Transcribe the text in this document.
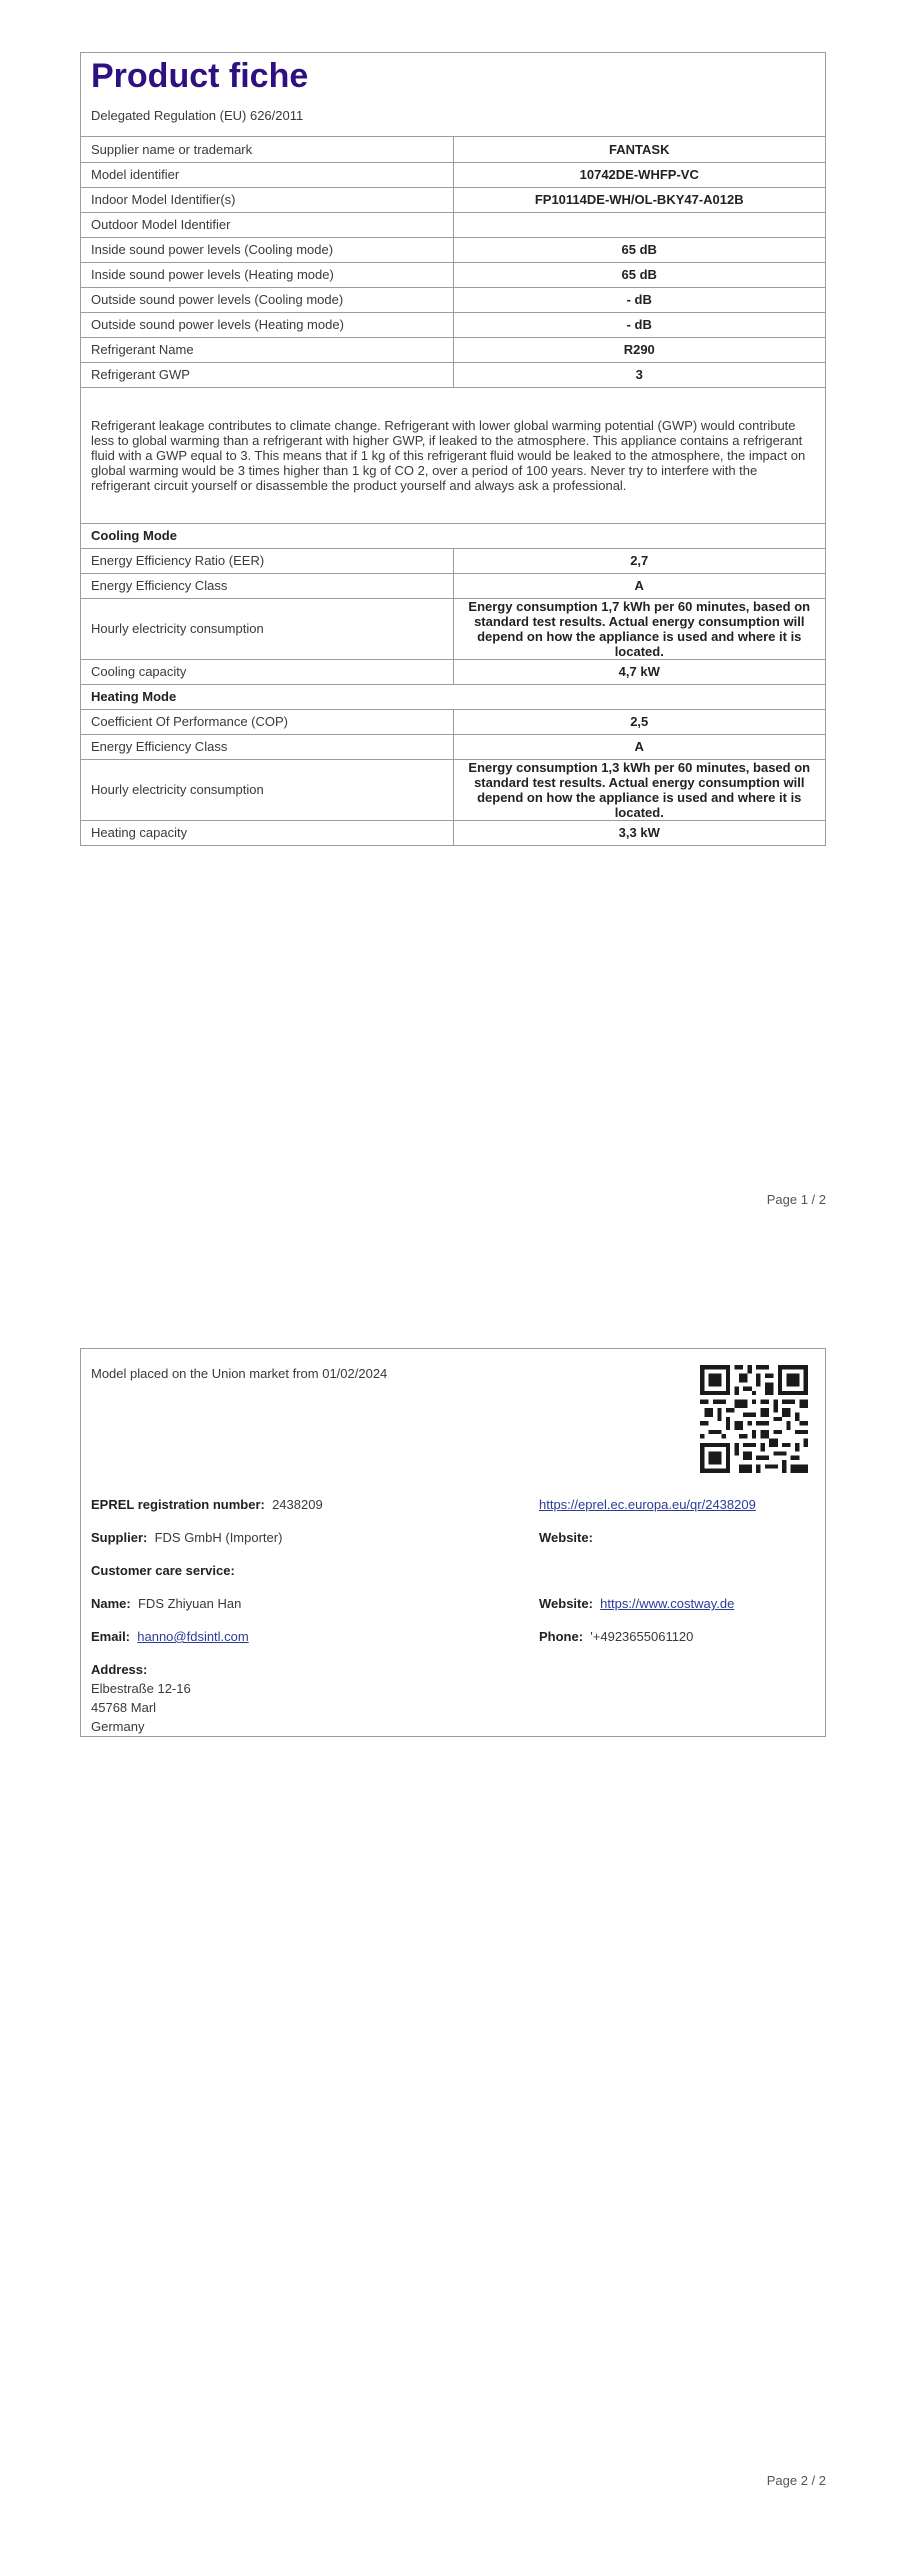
Product fiche
Delegated Regulation (EU) 626/2011
Supplier name or trademark	FANTASK
Model identifier	10742DE-WHFP-VC
Indoor Model Identifier(s)	FP10114DE-WH/OL-BKY47-A012B
Outdoor Model Identifier	
Inside sound power levels (Cooling mode)	65 dB
Inside sound power levels (Heating mode)	65 dB
Outside sound power levels (Cooling mode)	- dB
Outside sound power levels (Heating mode)	- dB
Refrigerant Name	R290
Refrigerant GWP	3
Refrigerant leakage contributes to climate change. Refrigerant with lower global warming potential (GWP) would contribute less to global warming than a refrigerant with higher GWP, if leaked to the atmosphere. This appliance contains a refrigerant fluid with a GWP equal to 3. This means that if 1 kg of this refrigerant fluid would be leaked to the atmosphere, the impact on global warming would be 3 times higher than 1 kg of CO 2, over a period of 100 years. Never try to interfere with the refrigerant circuit yourself or disassemble the product yourself and always ask a professional.	
Cooling Mode	
Energy Efficiency Ratio (EER)	2,7
Energy Efficiency Class	A
Hourly electricity consumption	Energy consumption 1,7 kWh per 60 minutes, based on standard test results. Actual energy consumption will depend on how the appliance is used and where it is located.
Cooling capacity	4,7 kW
Heating Mode	
Coefficient Of Performance (COP)	2,5
Energy Efficiency Class	A
Hourly electricity consumption	Energy consumption 1,3 kWh per 60 minutes, based on standard test results. Actual energy consumption will depend on how the appliance is used and where it is located.
Heating capacity	3,3 kW
Page 1 / 2
Model placed on the Union market from 01/02/2024
EPREL registration number: 2438209	https://eprel.ec.europa.eu/qr/2438209
Supplier: FDS GmbH (Importer)	Website:
Customer care service:
Name: FDS Zhiyuan Han	Website: https://www.costway.de
Email: hanno@fdsintl.com	Phone: '+4923655061120
Address:
Elbestraße 12-16
45768 Marl
Germany
Page 2 / 2
